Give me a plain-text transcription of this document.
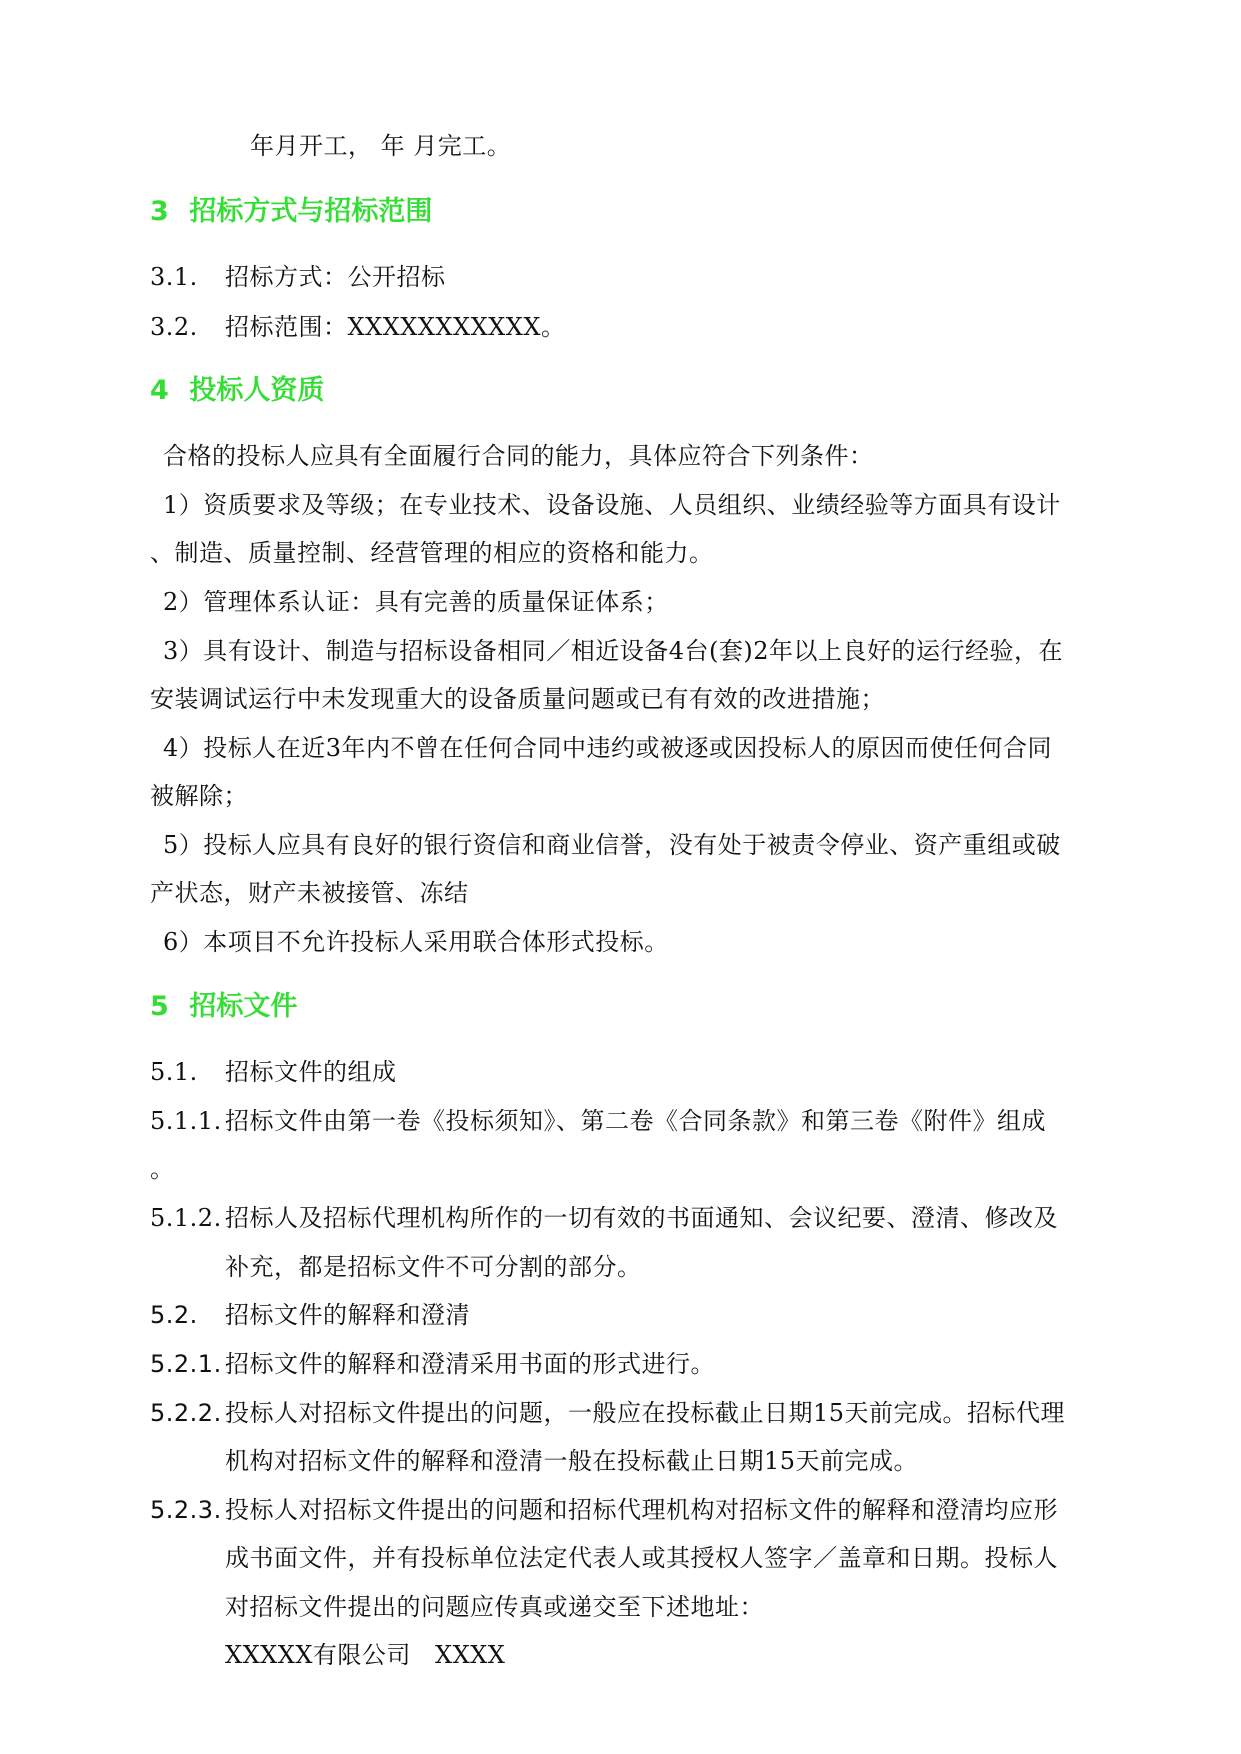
年月开工， 年 月完工。
3 招标方式与招标范围
3.1. 招标方式：公开招标
3.2. 招标范围：XXXXXXXXXXX。
4 投标人资质
合格的投标人应具有全面履行合同的能力，具体应符合下列条件：
1）资质要求及等级；在专业技术、设备设施、人员组织、业绩经验等方面具有设计
、制造、质量控制、经营管理的相应的资格和能力。
2）管理体系认证：具有完善的质量保证体系；
3）具有设计、制造与招标设备相同／相近设备4台(套)2年以上良好的运行经验，在
安装调试运行中未发现重大的设备质量问题或已有有效的改进措施；
4）投标人在近3年内不曾在任何合同中违约或被逐或因投标人的原因而使任何合同
被解除；
5）投标人应具有良好的银行资信和商业信誉，没有处于被责令停业、资产重组或破
产状态，财产未被接管、冻结
6）本项目不允许投标人采用联合体形式投标。
5 招标文件
5.1. 招标文件的组成
5.1.1. 招标文件由第一卷《投标须知》、第二卷《合同条款》和第三卷《附件》组成
。
5.1.2. 招标人及招标代理机构所作的一切有效的书面通知、会议纪要、澄清、修改及
补充，都是招标文件不可分割的部分。
5.2. 招标文件的解释和澄清
5.2.1. 招标文件的解释和澄清采用书面的形式进行。
5.2.2. 投标人对招标文件提出的问题，一般应在投标截止日期15天前完成。招标代理
机构对招标文件的解释和澄清一般在投标截止日期15天前完成。
5.2.3. 投标人对招标文件提出的问题和招标代理机构对招标文件的解释和澄清均应形
成书面文件，并有投标单位法定代表人或其授权人签字／盖章和日期。投标人
对招标文件提出的问题应传真或递交至下述地址：
XXXXX有限公司 XXXX
